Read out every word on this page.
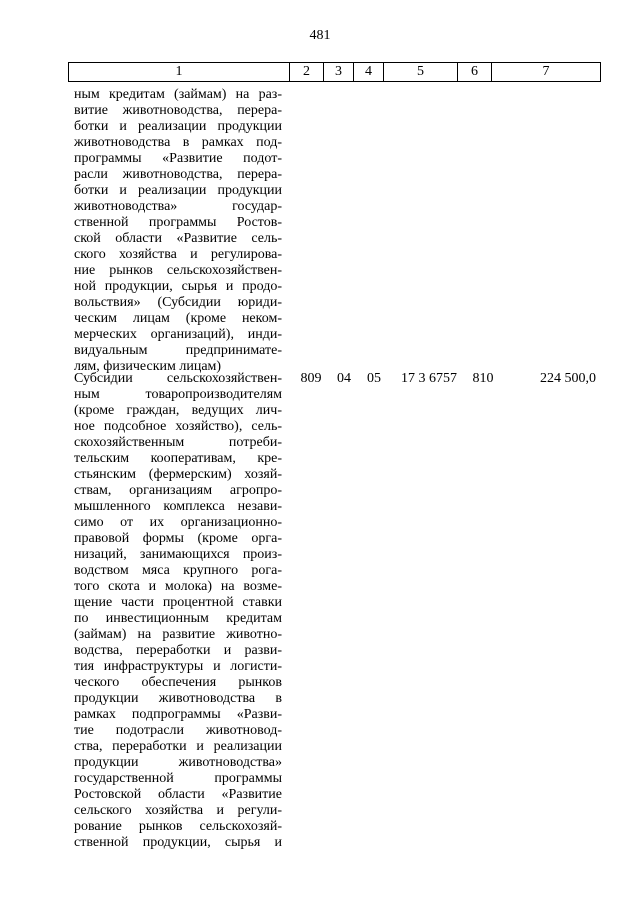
481
1	2	3	4	5	6	7
ным кредитам (займам) на раз-
витие животноводства, перера-
ботки и реализации продукции
животноводства в рамках под-
программы «Развитие подот-
расли животноводства, перера-
ботки и реализации продукции
животноводства» государ-
ственной программы Ростов-
ской области «Развитие сель-
ского хозяйства и регулирова-
ние рынков сельскохозяйствен-
ной продукции, сырья и продо-
вольствия» (Субсидии юриди-
ческим лицам (кроме неком-
мерческих организаций), инди-
видуальным предпринимате-
лям, физическим лицам)
Субсидии сельскохозяйствен-
ным товаропроизводителям
(кроме граждан, ведущих лич-
ное подсобное хозяйство), сель-
скохозяйственным потреби-
тельским кооперативам, кре-
стьянским (фермерским) хозяй-
ствам, организациям агропро-
мышленного комплекса незави-
симо от их организационно-
правовой формы (кроме орга-
низаций, занимающихся произ-
водством мяса крупного рога-
того скота и молока) на возме-
щение части процентной ставки
по инвестиционным кредитам
(займам) на развитие животно-
водства, переработки и разви-
тия инфраструктуры и логисти-
ческого обеспечения рынков
продукции животноводства в
рамках подпрограммы «Разви-
тие подотрасли животновод-
ства, переработки и реализации
продукции животноводства»
государственной программы
Ростовской области «Развитие
сельского хозяйства и регули-
рование рынков сельскохозяй-
ственной продукции, сырья и
809	04	05	17 3 6757	810	224 500,0
